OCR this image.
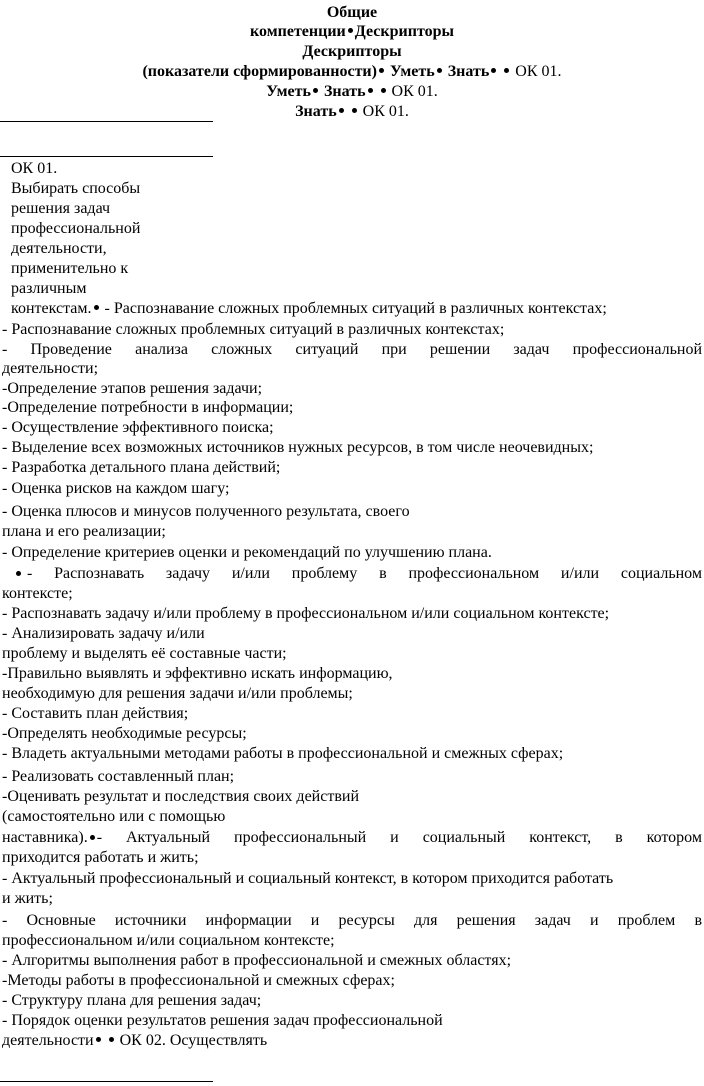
Общие
компетенции Дескрипторы
Дескрипторы
(показатели сформированности) Уметь Знать ОК 01.
Уметь Знать ОК 01.
Знать ОК 01.
ОК 01.
Выбирать способы
решения задач
профессиональной
деятельности,
применительно к
различным
контекстам. - Распознавание сложных проблемных ситуаций в различных контекстах;
- Распознавание сложных проблемных ситуаций в различных контекстах;
- Проведение анализа сложных ситуаций при решении задач профессиональной
деятельности;
-Определение этапов решения задачи;
-Определение потребности в информации;
- Осуществление эффективного поиска;
- Выделение всех возможных источников нужных ресурсов, в том числе неочевидных;
- Разработка детального плана действий;
- Оценка рисков на каждом шагу;
- Оценка плюсов и минусов полученного результата, своего
плана и его реализации;
- Определение критериев оценки и рекомендаций по улучшению плана.
- Распознавать задачу и/или проблему в профессиональном и/или социальном
контексте;
- Распознавать задачу и/или проблему в профессиональном и/или социальном контексте;
- Анализировать задачу и/или
проблему и выделять её составные части;
-Правильно выявлять и эффективно искать информацию,
необходимую для решения задачи и/или проблемы;
- Составить план действия;
-Определять необходимые ресурсы;
- Владеть актуальными методами работы в профессиональной и смежных сферах;
- Реализовать составленный план;
-Оценивать результат и последствия своих действий
(самостоятельно или с помощью
наставника). - Актуальный профессиональный и социальный контекст, в котором
приходится работать и жить;
- Актуальный профессиональный и социальный контекст, в котором приходится работать
и жить;
- Основные источники информации и ресурсы для решения задач и проблем в
профессиональном и/или социальном контексте;
- Алгоритмы выполнения работ в профессиональной и смежных областях;
-Методы работы в профессиональной и смежных сферах;
- Структуру плана для решения задач;
- Порядок оценки результатов решения задач профессиональной
деятельности  ОК 02. Осуществлять
